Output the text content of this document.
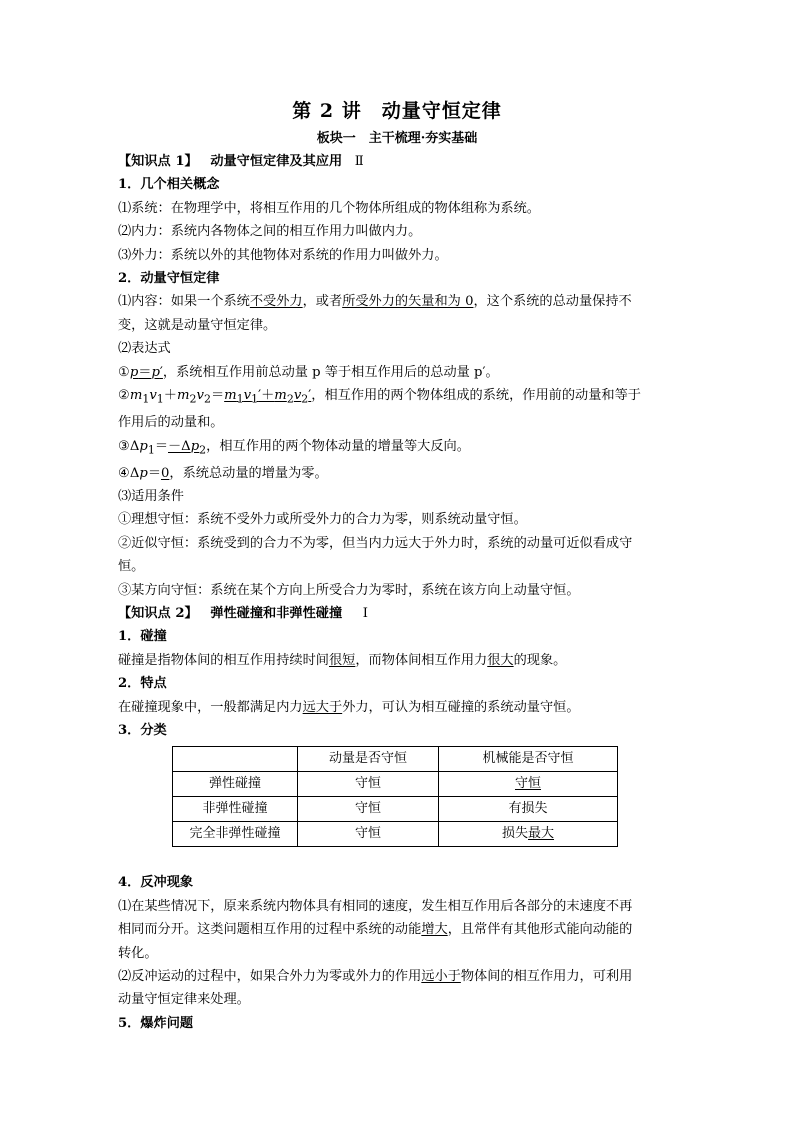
第 2 讲　动量守恒定律
板块一　主干梳理·夯实基础
【知识点 1】 动量守恒定律及其应用 Ⅱ
1．几个相关概念
⑴系统：在物理学中，将相互作用的几个物体所组成的物体组称为系统。
⑵内力：系统内各物体之间的相互作用力叫做内力。
⑶外力：系统以外的其他物体对系统的作用力叫做外力。
2．动量守恒定律
⑴内容：如果一个系统不受外力，或者所受外力的矢量和为 0，这个系统的总动量保持不
变，这就是动量守恒定律。
⑵表达式
①p＝p′，系统相互作用前总动量 p 等于相互作用后的总动量 p′。
$②m_1v_1+m_2v_2=m_1v_1'+m_2v_2'$，相互作用的两个物体组成的系统，作用前的动量和等于
作用后的动量和。
$③\Delta p_1=-\Delta p_2$，相互作用的两个物体动量的增量等大反向。
④Δp＝0，系统总动量的增量为零。
⑶适用条件
①理想守恒：系统不受外力或所受外力的合力为零，则系统动量守恒。
②近似守恒：系统受到的合力不为零，但当内力远大于外力时，系统的动量可近似看成守
恒。
③某方向守恒：系统在某个方向上所受合力为零时，系统在该方向上动量守恒。
【知识点 2】 弹性碰撞和非弹性碰撞 Ⅰ
1．碰撞
碰撞是指物体间的相互作用持续时间很短，而物体间相互作用力很大的现象。
2．特点
在碰撞现象中，一般都满足内力远大于外力，可认为相互碰撞的系统动量守恒。
3．分类
	动量是否守恒	机械能是否守恒
弹性碰撞	守恒	守恒
非弹性碰撞	守恒	有损失
完全非弹性碰撞	守恒	损失最大
4．反冲现象
⑴在某些情况下，原来系统内物体具有相同的速度，发生相互作用后各部分的末速度不再
相同而分开。这类问题相互作用的过程中系统的动能增大，且常伴有其他形式能向动能的
转化。
⑵反冲运动的过程中，如果合外力为零或外力的作用远小于物体间的相互作用力，可利用
动量守恒定律来处理。
5．爆炸问题
